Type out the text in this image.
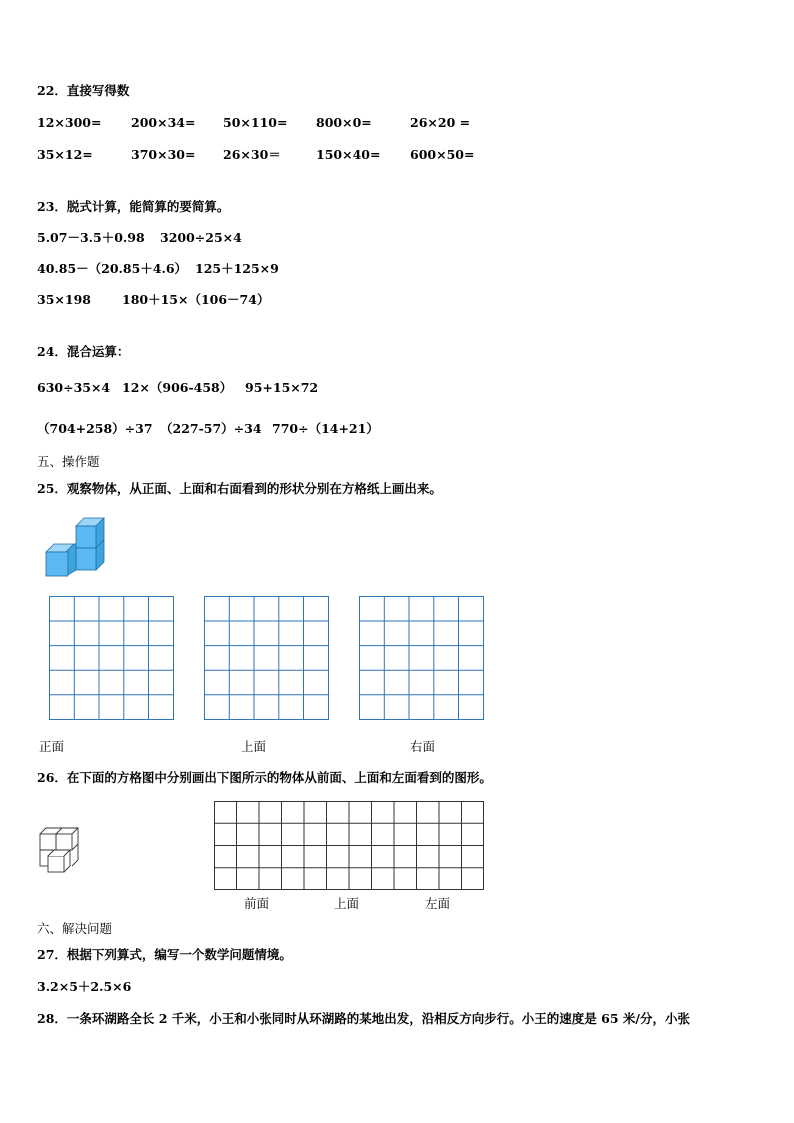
22．直接写得数
12×300= 200×34= 50×110= 800×0=	26×20 =
35×12=	370×30= 26×30＝	150×40= 600×50=
23．脱式计算，能简算的要简算。
5.07－3.5＋0.98 3200÷25×4
40.85－（20.85＋4.6） 125＋125×9
35×198 180＋15×（106－74）
24．混合运算：
630÷35×4 12×（906-458） 95+15×72
（704+258）÷37 （227-57）÷34 770÷（14+21）
五、操作题
25．观察物体，从正面、上面和右面看到的形状分别在方格纸上画出来。
正面	上面	右面
26．在下面的方格图中分别画出下图所示的物体从前面、上面和左面看到的图形。
前面	上面	左面
六、解决问题
27．根据下列算式，编写一个数学问题情境。
3.2×5＋2.5×6
28．一条环湖路全长 2 千米，小王和小张同时从环湖路的某地出发，沿相反方向步行。小王的速度是 65 米/分，小张
